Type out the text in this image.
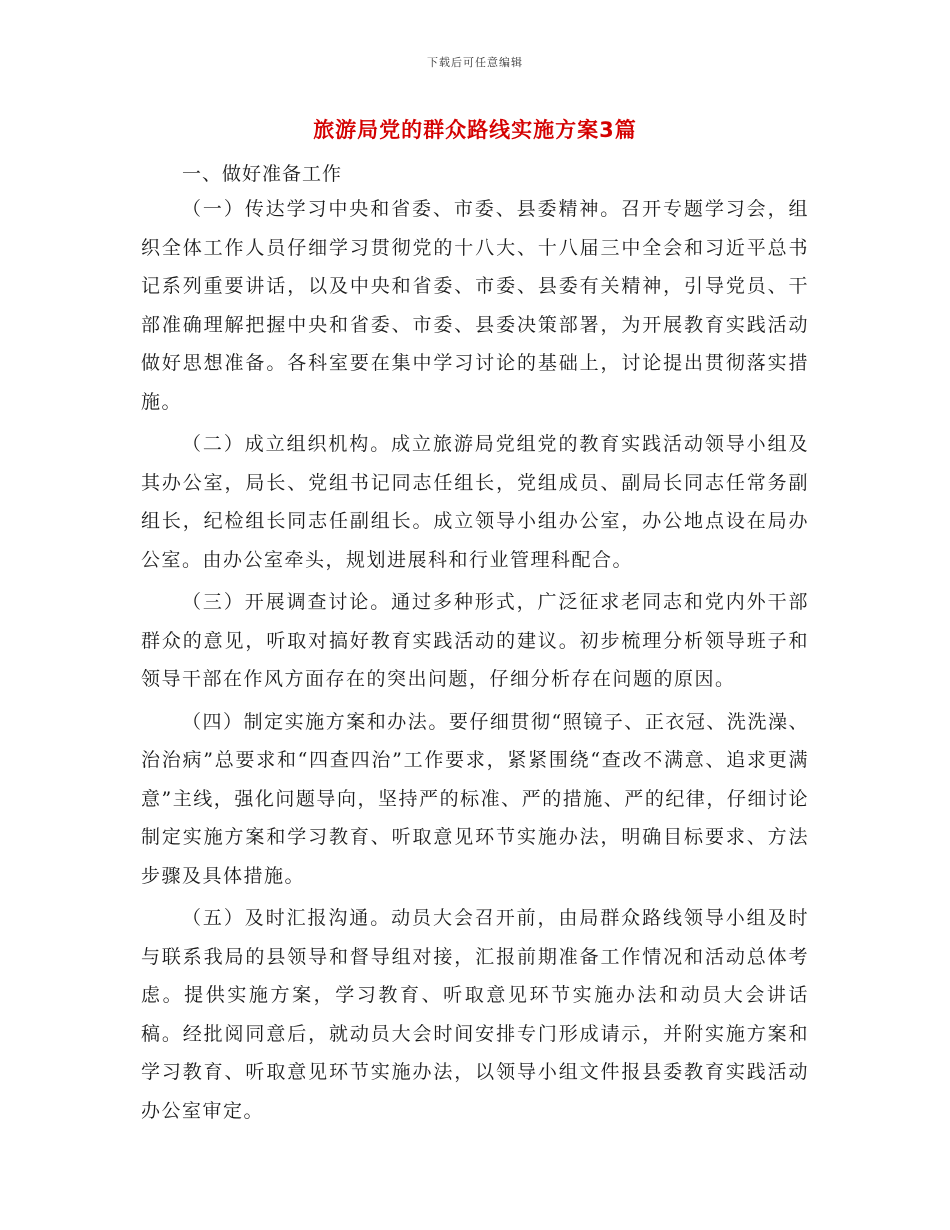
下载后可任意编辑
旅游局党的群众路线实施方案3篇

一、做好准备工作

（一）传达学习中央和省委、市委、县委精神。召开专题学习会，组织全体工作人员仔细学习贯彻党的十八大、十八届三中全会和习近平总书记系列重要讲话，以及中央和省委、市委、县委有关精神，引导党员、干部准确理解把握中央和省委、市委、县委决策部署，为开展教育实践活动做好思想准备。各科室要在集中学习讨论的基础上，讨论提出贯彻落实措施。

（二）成立组织机构。成立旅游局党组党的教育实践活动领导小组及其办公室，局长、党组书记同志任组长，党组成员、副局长同志任常务副组长，纪检组长同志任副组长。成立领导小组办公室，办公地点设在局办公室。由办公室牵头，规划进展科和行业管理科配合。

（三）开展调查讨论。通过多种形式，广泛征求老同志和党内外干部群众的意见，听取对搞好教育实践活动的建议。初步梳理分析领导班子和领导干部在作风方面存在的突出问题，仔细分析存在问题的原因。

（四）制定实施方案和办法。要仔细贯彻“照镜子、正衣冠、洗洗澡、治治病”总要求和“四查四治”工作要求，紧紧围绕“查改不满意、追求更满意”主线，强化问题导向，坚持严的标准、严的措施、严的纪律，仔细讨论制定实施方案和学习教育、听取意见环节实施办法，明确目标要求、方法步骤及具体措施。

（五）及时汇报沟通。动员大会召开前，由局群众路线领导小组及时与联系我局的县领导和督导组对接，汇报前期准备工作情况和活动总体考虑。提供实施方案，学习教育、听取意见环节实施办法和动员大会讲话稿。经批阅同意后，就动员大会时间安排专门形成请示，并附实施方案和学习教育、听取意见环节实施办法，以领导小组文件报县委教育实践活动办公室审定。
